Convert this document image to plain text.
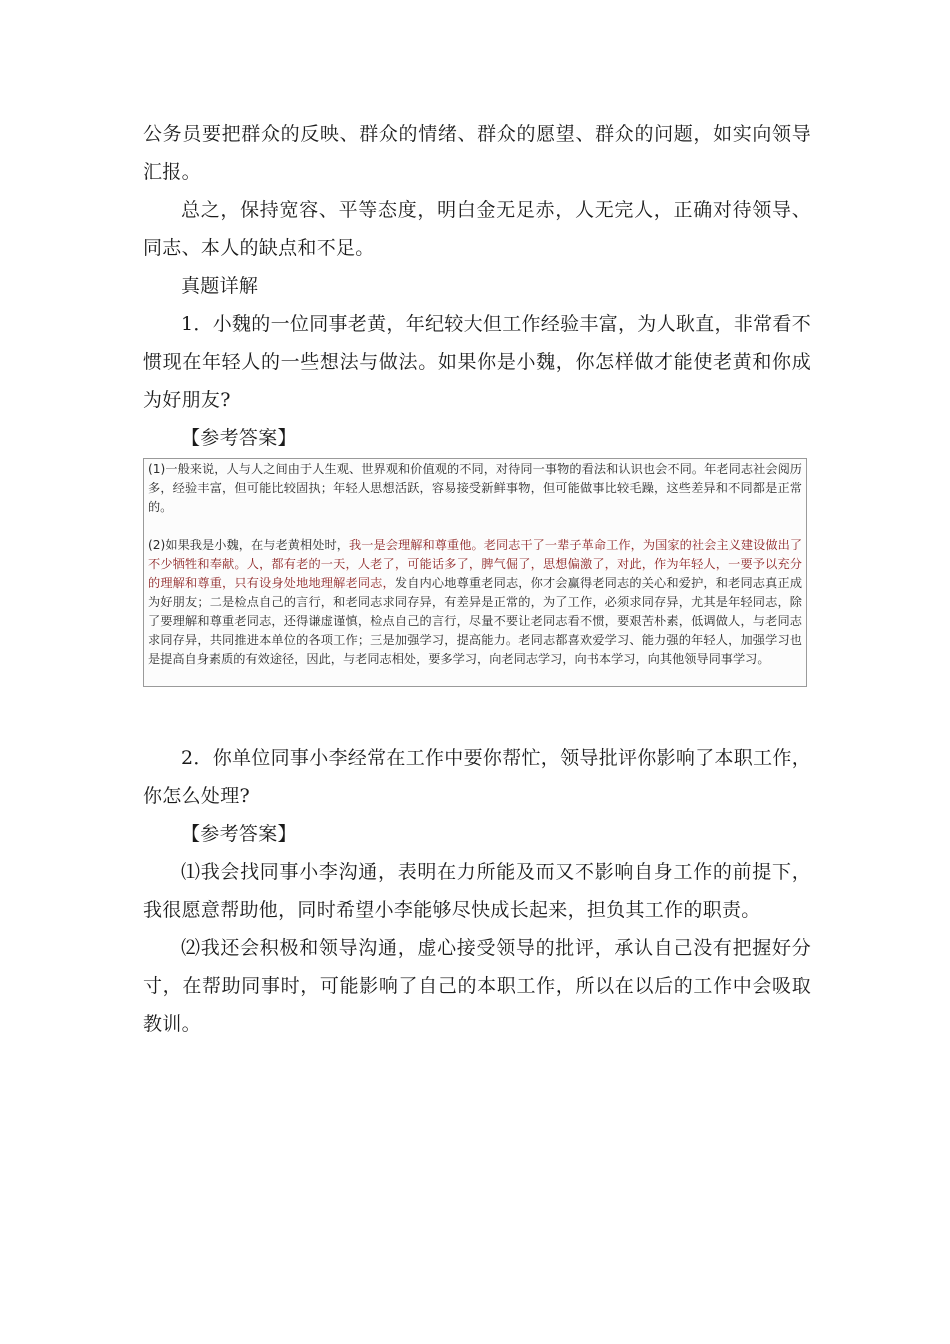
公务员要把群众的反映、群众的情绪、群众的愿望、群众的问题，如实向领导汇报。

总之，保持宽容、平等态度，明白金无足赤，人无完人，正确对待领导、同志、本人的缺点和不足。

真题详解

1．小魏的一位同事老黄，年纪较大但工作经验丰富，为人耿直，非常看不惯现在年轻人的一些想法与做法。如果你是小魏，你怎样做才能使老黄和你成为好朋友?

【参考答案】

(1)一般来说，人与人之间由于人生观、世界观和价值观的不同，对待同一事物的看法和认识也会不同。年老同志社会阅历多，经验丰富，但可能比较固执；年轻人思想活跃，容易接受新鲜事物，但可能做事比较毛躁，这些差异和不同都是正常的。

(2)如果我是小魏，在与老黄相处时，我一是会理解和尊重他。老同志干了一辈子革命工作，为国家的社会主义建设做出了不少牺牲和奉献。人，都有老的一天，人老了，可能话多了，脾气倔了，思想偏激了，对此，作为年轻人，一要予以充分的理解和尊重，只有设身处地地理解老同志，发自内心地尊重老同志，你才会赢得老同志的关心和爱护，和老同志真正成为好朋友；二是检点自己的言行，和老同志求同存异，有差异是正常的，为了工作，必须求同存异，尤其是年轻同志，除了要理解和尊重老同志，还得谦虚谨慎，检点自己的言行，尽量不要让老同志看不惯，要艰苦朴素，低调做人，与老同志求同存异，共同推进本单位的各项工作；三是加强学习，提高能力。老同志都喜欢爱学习、能力强的年轻人，加强学习也是提高自身素质的有效途径，因此，与老同志相处，要多学习，向老同志学习，向书本学习，向其他领导同事学习。

2．你单位同事小李经常在工作中要你帮忙，领导批评你影响了本职工作，你怎么处理?

【参考答案】

⑴我会找同事小李沟通，表明在力所能及而又不影响自身工作的前提下，我很愿意帮助他，同时希望小李能够尽快成长起来，担负其工作的职责。

⑵我还会积极和领导沟通，虚心接受领导的批评，承认自己没有把握好分寸，在帮助同事时，可能影响了自己的本职工作，所以在以后的工作中会吸取教训。
